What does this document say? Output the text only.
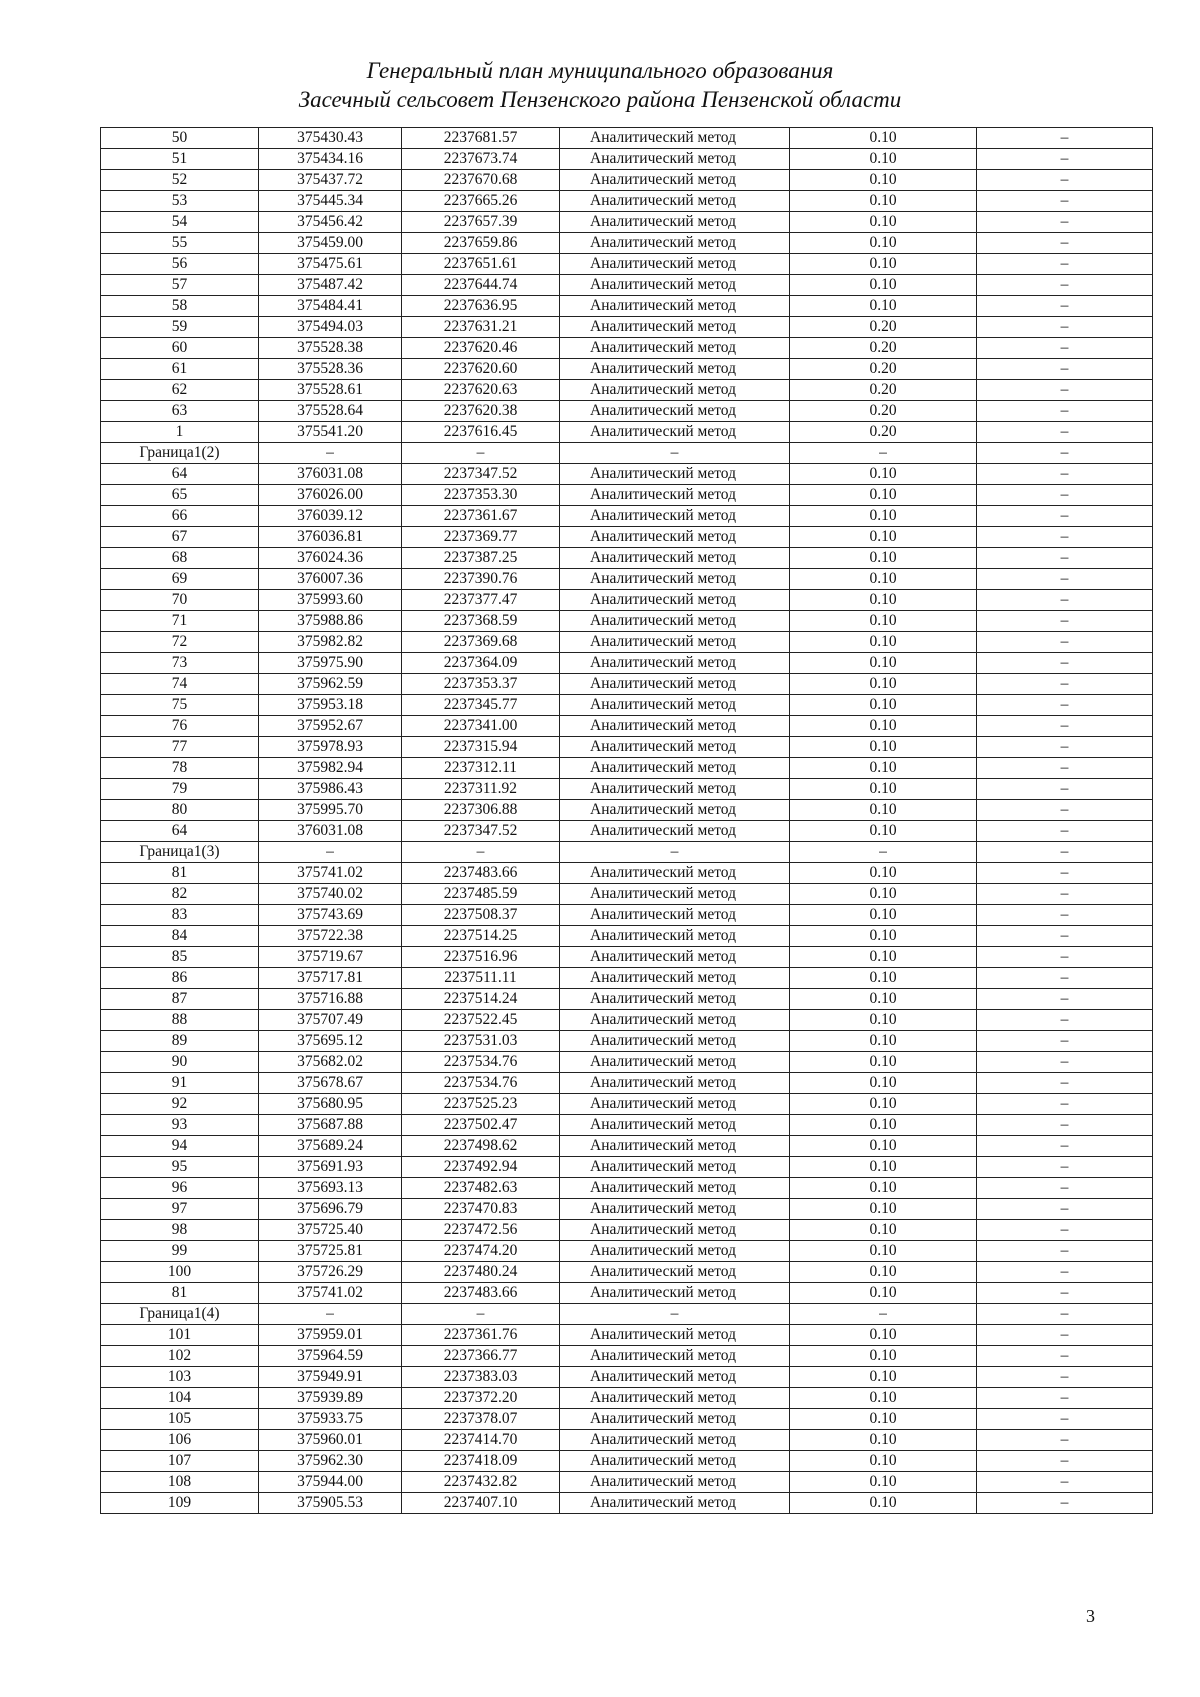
Генеральный план муниципального образования
Засечный сельсовет Пензенского района Пензенской области
50	375430.43	2237681.57	Аналитический метод	0.10	–
51	375434.16	2237673.74	Аналитический метод	0.10	–
52	375437.72	2237670.68	Аналитический метод	0.10	–
53	375445.34	2237665.26	Аналитический метод	0.10	–
54	375456.42	2237657.39	Аналитический метод	0.10	–
55	375459.00	2237659.86	Аналитический метод	0.10	–
56	375475.61	2237651.61	Аналитический метод	0.10	–
57	375487.42	2237644.74	Аналитический метод	0.10	–
58	375484.41	2237636.95	Аналитический метод	0.10	–
59	375494.03	2237631.21	Аналитический метод	0.20	–
60	375528.38	2237620.46	Аналитический метод	0.20	–
61	375528.36	2237620.60	Аналитический метод	0.20	–
62	375528.61	2237620.63	Аналитический метод	0.20	–
63	375528.64	2237620.38	Аналитический метод	0.20	–
1	375541.20	2237616.45	Аналитический метод	0.20	–
Граница1(2)	–	–	–	–	–
64	376031.08	2237347.52	Аналитический метод	0.10	–
65	376026.00	2237353.30	Аналитический метод	0.10	–
66	376039.12	2237361.67	Аналитический метод	0.10	–
67	376036.81	2237369.77	Аналитический метод	0.10	–
68	376024.36	2237387.25	Аналитический метод	0.10	–
69	376007.36	2237390.76	Аналитический метод	0.10	–
70	375993.60	2237377.47	Аналитический метод	0.10	–
71	375988.86	2237368.59	Аналитический метод	0.10	–
72	375982.82	2237369.68	Аналитический метод	0.10	–
73	375975.90	2237364.09	Аналитический метод	0.10	–
74	375962.59	2237353.37	Аналитический метод	0.10	–
75	375953.18	2237345.77	Аналитический метод	0.10	–
76	375952.67	2237341.00	Аналитический метод	0.10	–
77	375978.93	2237315.94	Аналитический метод	0.10	–
78	375982.94	2237312.11	Аналитический метод	0.10	–
79	375986.43	2237311.92	Аналитический метод	0.10	–
80	375995.70	2237306.88	Аналитический метод	0.10	–
64	376031.08	2237347.52	Аналитический метод	0.10	–
Граница1(3)	–	–	–	–	–
81	375741.02	2237483.66	Аналитический метод	0.10	–
82	375740.02	2237485.59	Аналитический метод	0.10	–
83	375743.69	2237508.37	Аналитический метод	0.10	–
84	375722.38	2237514.25	Аналитический метод	0.10	–
85	375719.67	2237516.96	Аналитический метод	0.10	–
86	375717.81	2237511.11	Аналитический метод	0.10	–
87	375716.88	2237514.24	Аналитический метод	0.10	–
88	375707.49	2237522.45	Аналитический метод	0.10	–
89	375695.12	2237531.03	Аналитический метод	0.10	–
90	375682.02	2237534.76	Аналитический метод	0.10	–
91	375678.67	2237534.76	Аналитический метод	0.10	–
92	375680.95	2237525.23	Аналитический метод	0.10	–
93	375687.88	2237502.47	Аналитический метод	0.10	–
94	375689.24	2237498.62	Аналитический метод	0.10	–
95	375691.93	2237492.94	Аналитический метод	0.10	–
96	375693.13	2237482.63	Аналитический метод	0.10	–
97	375696.79	2237470.83	Аналитический метод	0.10	–
98	375725.40	2237472.56	Аналитический метод	0.10	–
99	375725.81	2237474.20	Аналитический метод	0.10	–
100	375726.29	2237480.24	Аналитический метод	0.10	–
81	375741.02	2237483.66	Аналитический метод	0.10	–
Граница1(4)	–	–	–	–	–
101	375959.01	2237361.76	Аналитический метод	0.10	–
102	375964.59	2237366.77	Аналитический метод	0.10	–
103	375949.91	2237383.03	Аналитический метод	0.10	–
104	375939.89	2237372.20	Аналитический метод	0.10	–
105	375933.75	2237378.07	Аналитический метод	0.10	–
106	375960.01	2237414.70	Аналитический метод	0.10	–
107	375962.30	2237418.09	Аналитический метод	0.10	–
108	375944.00	2237432.82	Аналитический метод	0.10	–
109	375905.53	2237407.10	Аналитический метод	0.10	–
3
